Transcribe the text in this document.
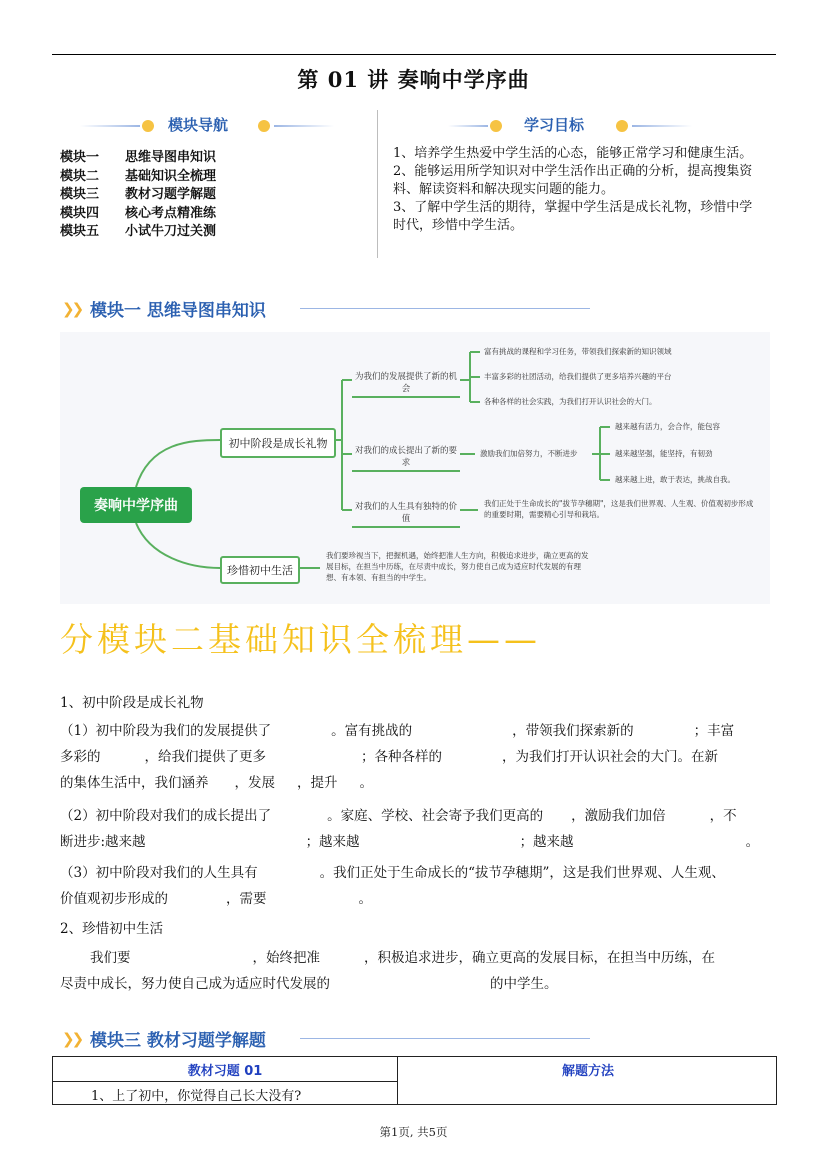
第 01 讲 奏响中学序曲
模块导航
模块一	思维导图串知识
模块二	基础知识全梳理
模块三	教材习题学解题
模块四	核心考点精准练
模块五	小试牛刀过关测
学习目标
1、培养学生热爱中学生活的心态，能够正常学习和健康生活。
2、能够运用所学知识对中学生活作出正确的分析，提高搜集资料、解读资料和解决现实问题的能力。
3、了解中学生活的期待，掌握中学生活是成长礼物，珍惜中学时代，珍惜中学生活。
❯❯ 模块一 思维导图串知识
奏响中学序曲
初中阶段是成长礼物
珍惜初中生活
为我们的发展提供了新的机会
对我们的成长提出了新的要求
对我们的人生具有独特的价值
富有挑战的课程和学习任务，带领我们探索新的知识领域
丰富多彩的社团活动，给我们提供了更多培养兴趣的平台
各种各样的社会实践，为我们打开认识社会的大门。
激励我们加倍努力，不断进步
越来越有活力，会合作，能包容
越来越坚强，能坚持，有韧劲
越来越上进，敢于表达，挑战自我。
我们正处于生命成长的"拔节孕穗期"，这是我们世界观、人生观、价值观初步形成的重要时期，需要精心引导和栽培。
我们要珍视当下，把握机遇，始终把准人生方向，积极追求进步，确立更高的发展目标，在担当中历练，在尽责中成长，努力使自己成为适应时代发展的有理想、有本领、有担当的中学生。
分模块二基础知识全梳理——
1、初中阶段是成长礼物
（1）初中阶段为我们的发展提供了	。富有挑战的	，带领我们探索新的	；丰富
多彩的	，给我们提供了更多	；各种各样的	，为我们打开认识社会的大门。在新
的集体生活中，我们涵养 ，发展 ，提升 。
（2）初中阶段对我们的成长提出了	。家庭、学校、社会寄予我们更高的 ，激励我们加倍	，不
断进步:越来越	；越来越	；越来越	。
（3）初中阶段对我们的人生具有	。我们正处于生命成长的“拔节孕穗期”，这是我们世界观、人生观、
价值观初步形成的	，需要	。
2、珍惜初中生活
我们要	，始终把准	，积极追求进步，确立更高的发展目标，在担当中历练，在
尽责中成长，努力使自己成为适应时代发展的	的中学生。
❯❯ 模块三 教材习题学解题
教材习题 01	解题方法
1、上了初中，你觉得自己长大没有?
第1页, 共5页
